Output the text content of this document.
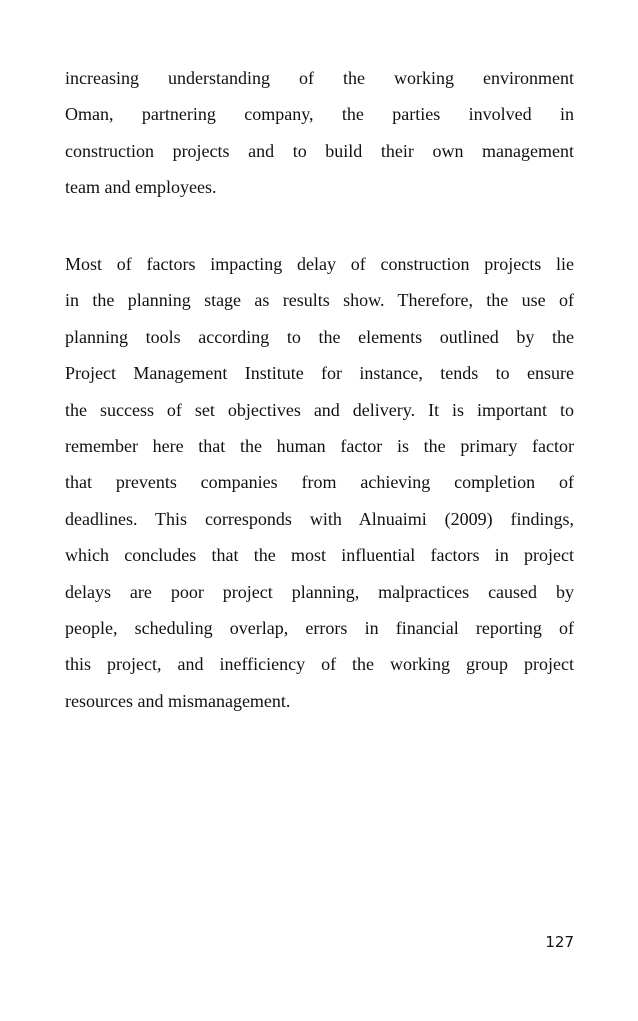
increasing understanding of the working environment
Oman, partnering company, the parties involved in
construction projects and to build their own management
team and employees.
Most of factors impacting delay of construction projects lie
in the planning stage as results show. Therefore, the use of
planning tools according to the elements outlined by the
Project Management Institute for instance, tends to ensure
the success of set objectives and delivery. It is important to
remember here that the human factor is the primary factor
that prevents companies from achieving completion of
deadlines. This corresponds with Alnuaimi (2009) findings,
which concludes that the most influential factors in project
delays are poor project planning, malpractices caused by
people, scheduling overlap, errors in financial reporting of
this project, and inefficiency of the working group project
resources and mismanagement.
127
